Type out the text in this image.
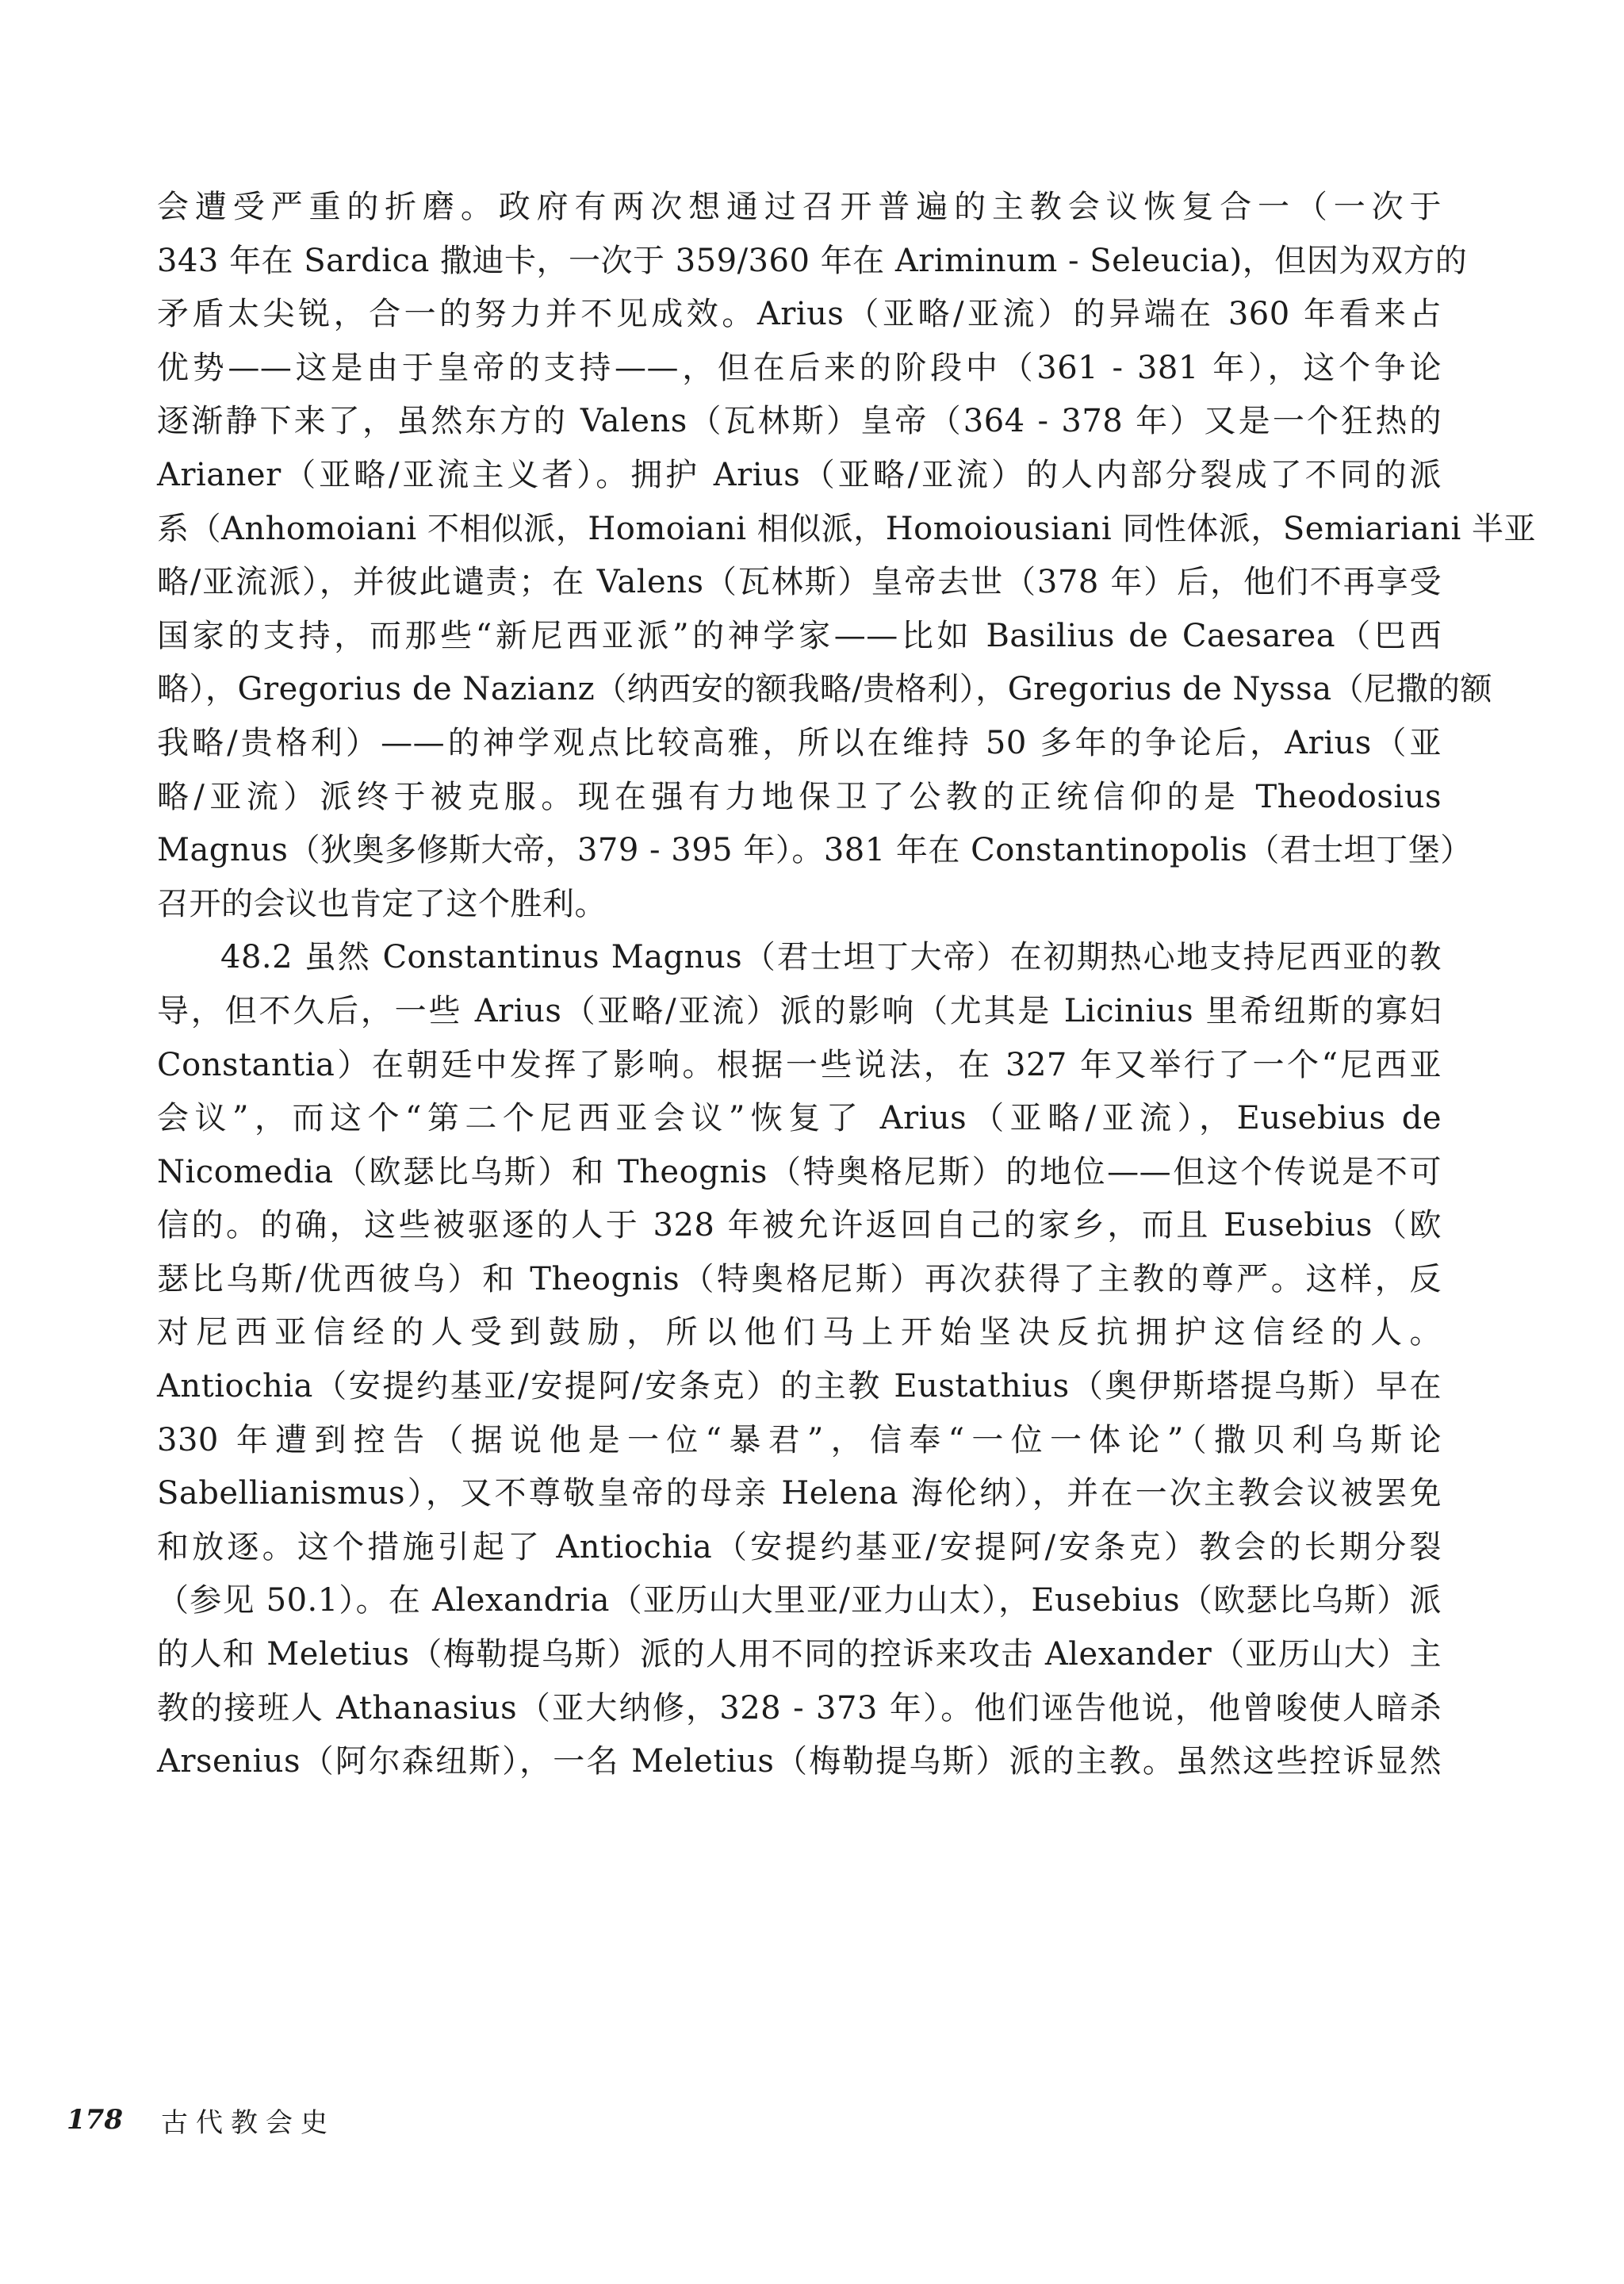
会遭受严重的折磨。政府有两次想通过召开普遍的主教会议恢复合一（一次于
343 年在 Sardica 撒迪卡，一次于 359/360 年在 Ariminum - Seleucia)，但因为双方的
矛盾太尖锐，合一的努力并不见成效。Arius（亚略/亚流）的异端在 360 年看来占
优势——这是由于皇帝的支持——，但在后来的阶段中（361 - 381 年），这个争论
逐渐静下来了，虽然东方的 Valens（瓦林斯）皇帝（364 - 378 年）又是一个狂热的
Arianer（亚略/亚流主义者）。拥护 Arius（亚略/亚流）的人内部分裂成了不同的派
系（Anhomoiani 不相似派，Homoiani 相似派，Homoiousiani 同性体派，Semiariani 半亚
略/亚流派），并彼此谴责；在 Valens（瓦林斯）皇帝去世（378 年）后，他们不再享受
国家的支持，而那些“新尼西亚派”的神学家——比如 Basilius de Caesarea（巴西
略），Gregorius de Nazianz（纳西安的额我略/贵格利），Gregorius de Nyssa（尼撒的额
我略/贵格利）——的神学观点比较高雅，所以在维持 50 多年的争论后，Arius（亚
略/亚流）派终于被克服。现在强有力地保卫了公教的正统信仰的是 Theodosius
Magnus（狄奥多修斯大帝，379 - 395 年）。381 年在 Constantinopolis（君士坦丁堡）
召开的会议也肯定了这个胜利。
48.2 虽然 Constantinus Magnus（君士坦丁大帝）在初期热心地支持尼西亚的教
导，但不久后，一些 Arius（亚略/亚流）派的影响（尤其是 Licinius 里希纽斯的寡妇
Constantia）在朝廷中发挥了影响。根据一些说法，在 327 年又举行了一个“尼西亚
会议”，而这个“第二个尼西亚会议”恢复了 Arius（亚略/亚流），Eusebius de
Nicomedia（欧瑟比乌斯）和 Theognis（特奥格尼斯）的地位——但这个传说是不可
信的。的确，这些被驱逐的人于 328 年被允许返回自己的家乡，而且 Eusebius（欧
瑟比乌斯/优西彼乌）和 Theognis（特奥格尼斯）再次获得了主教的尊严。这样，反
对尼西亚信经的人受到鼓励，所以他们马上开始坚决反抗拥护这信经的人。
Antiochia（安提约基亚/安提阿/安条克）的主教 Eustathius（奥伊斯塔提乌斯）早在
330 年遭到控告（据说他是一位“暴君”，信奉“一位一体论”（撒贝利乌斯论
Sabellianismus），又不尊敬皇帝的母亲 Helena 海伦纳），并在一次主教会议被罢免
和放逐。这个措施引起了 Antiochia（安提约基亚/安提阿/安条克）教会的长期分裂
（参见 50.1）。在 Alexandria（亚历山大里亚/亚力山太），Eusebius（欧瑟比乌斯）派
的人和 Meletius（梅勒提乌斯）派的人用不同的控诉来攻击 Alexander（亚历山大）主
教的接班人 Athanasius（亚大纳修，328 - 373 年）。他们诬告他说，他曾唆使人暗杀
Arsenius（阿尔森纽斯），一名 Meletius（梅勒提乌斯）派的主教。虽然这些控诉显然
178 古代教会史
